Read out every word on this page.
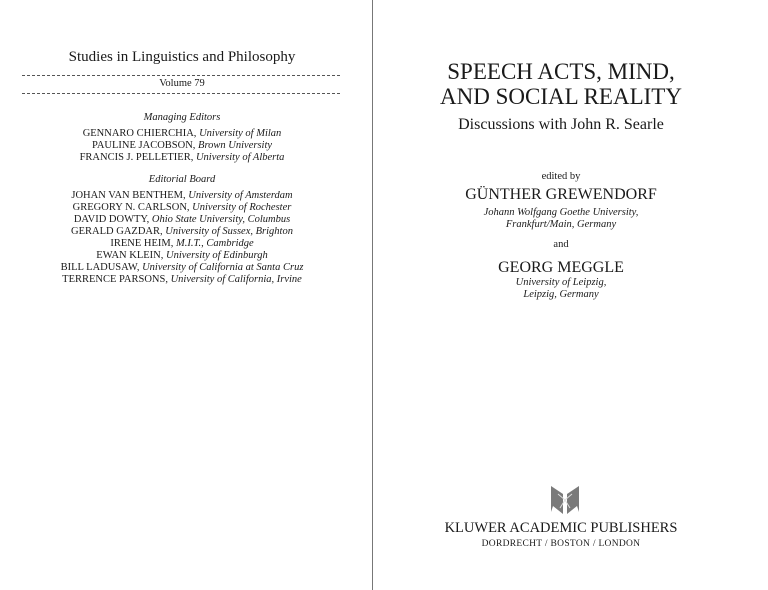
Studies in Linguistics and Philosophy
Volume 79
Managing Editors
GENNARO CHIERCHIA, University of Milan
PAULINE JACOBSON, Brown University
FRANCIS J. PELLETIER, University of Alberta
Editorial Board
JOHAN VAN BENTHEM, University of Amsterdam
GREGORY N. CARLSON, University of Rochester
DAVID DOWTY, Ohio State University, Columbus
GERALD GAZDAR, University of Sussex, Brighton
IRENE HEIM, M.I.T., Cambridge
EWAN KLEIN, University of Edinburgh
BILL LADUSAW, University of California at Santa Cruz
TERRENCE PARSONS, University of California, Irvine
SPEECH ACTS, MIND,
AND SOCIAL REALITY
Discussions with John R. Searle
edited by
GÜNTHER GREWENDORF
Johann Wolfgang Goethe University,
Frankfurt/Main, Germany
and
GEORG MEGGLE
University of Leipzig,
Leipzig, Germany
KLUWER ACADEMIC PUBLISHERS
DORDRECHT / BOSTON / LONDON
